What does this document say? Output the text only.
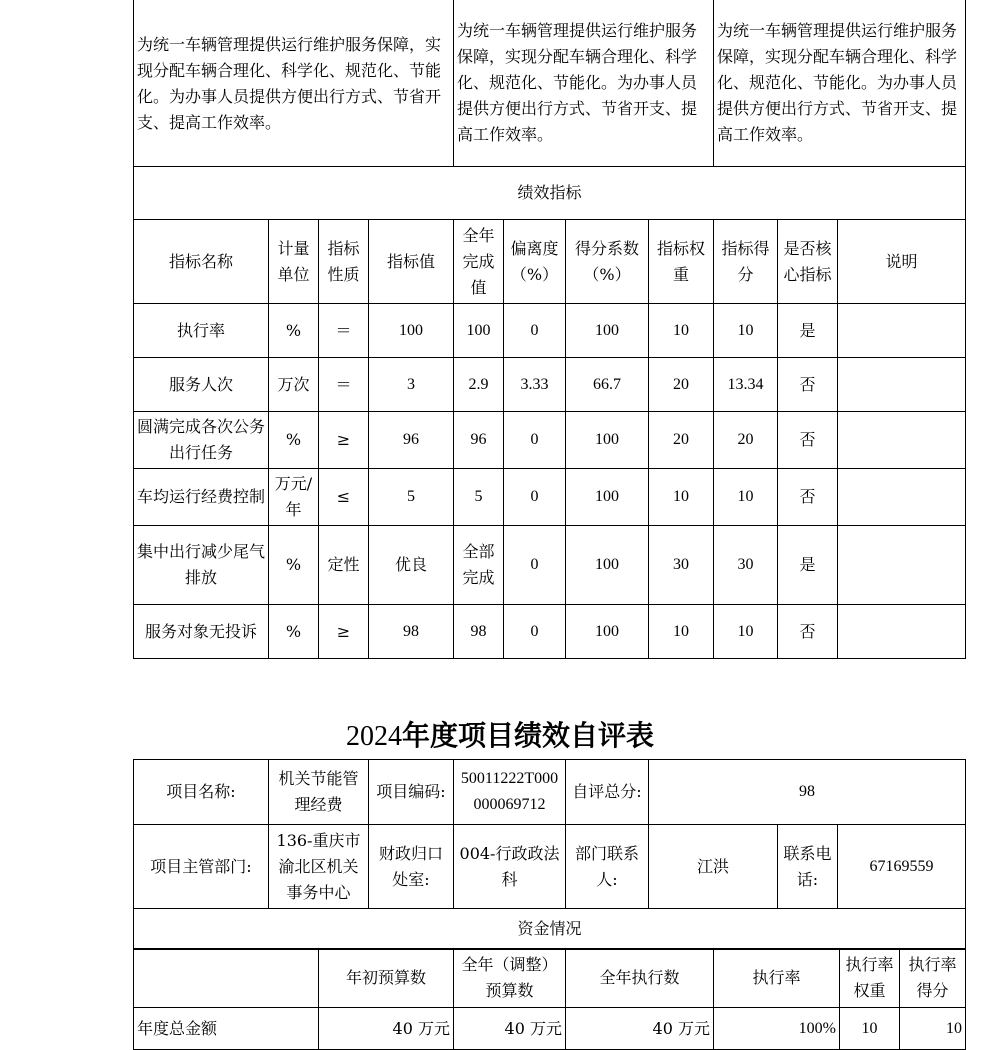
为统一车辆管理提供运行维护服务保障，实现分配车辆合理化、科学化、规范化、节能化。为办事人员提供方便出行方式、节省开支、提高工作效率。				为统一车辆管理提供运行维护服务保障，实现分配车辆合理化、科学化、规范化、节能化。为办事人员提供方便出行方式、节省开支、提高工作效率。				为统一车辆管理提供运行维护服务保障，实现分配车辆合理化、科学化、规范化、节能化。为办事人员提供方便出行方式、节省开支、提高工作效率。		
绩效指标										
指标名称	计量单位	指标性质	指标值	全年完成值	偏离度（%）	得分系数（%）	指标权重	指标得分	是否核心指标	说明
执行率	%	＝	100	100	0	100	10	10	是	
服务人次	万次	＝	3	2.9	3.33	66.7	20	13.34	否	
圆满完成各次公务出行任务	%	≥	96	96	0	100	20	20	否	
车均运行经费控制	万元/年	≤	5	5	0	100	10	10	否	
集中出行减少尾气排放	%	定性	优良	全部完成	0	100	30	30	是	
服务对象无投诉	%	≥	98	98	0	100	10	10	否	
2024年度项目绩效自评表
项目名称:	机关节能管理经费	项目编码:	50011222T000000069712	自评总分:	98		
项目主管部门:	136-重庆市渝北区机关事务中心	财政归口处室:	004-行政政法科	部门联系人:	江洪	联系电话:	67169559
资金情况							
	年初预算数	全年（调整）预算数	全年执行数	执行率	执行率权重	执行率得分
年度总金额	40 万元	40 万元	40 万元	100%	10	10
